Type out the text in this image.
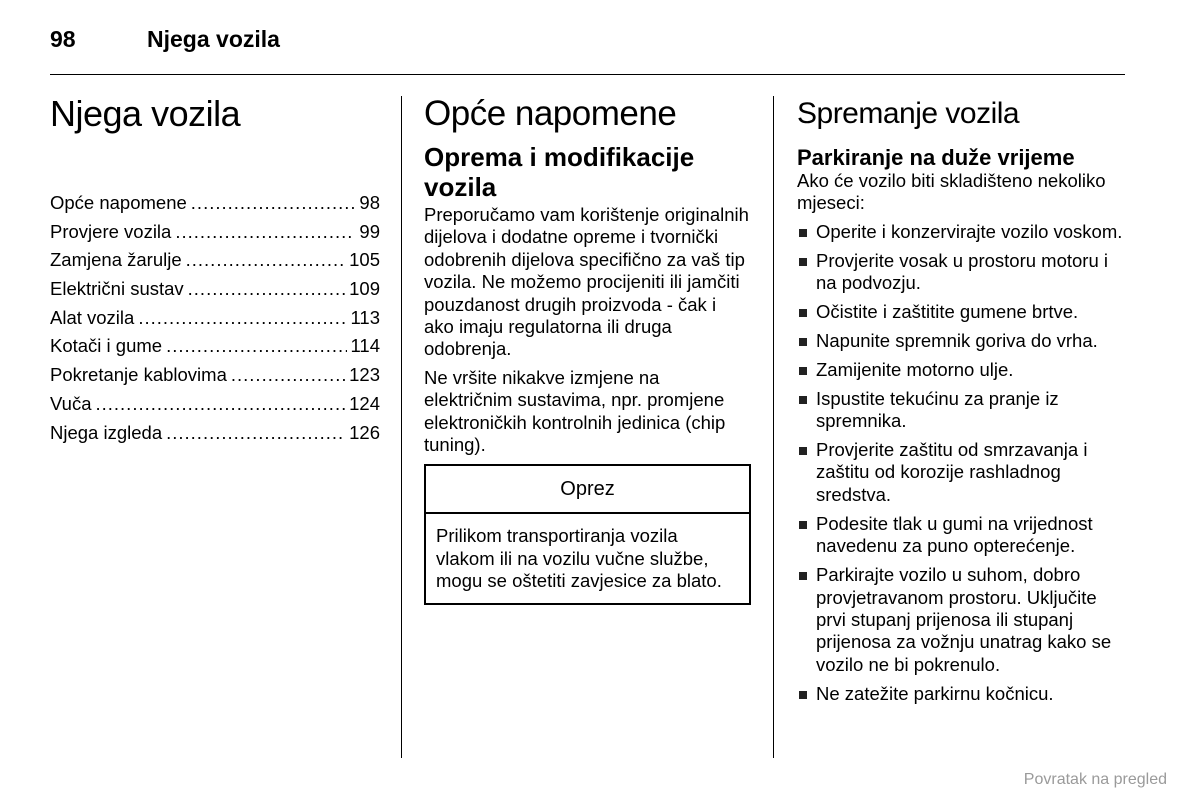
98	Njega vozila
Njega vozila
Opće napomene .....	98
Provjere vozila .....	99
Zamjena žarulje .....	105
Električni sustav .....	109
Alat vozila .....	113
Kotači i gume .....	114
Pokretanje kablovima .....	123
Vuča .....	124
Njega izgleda .....	126
Opće napomene
Oprema i modifikacije vozila

Preporučamo vam korištenje originalnih dijelova i dodatne opreme i tvornički odobrenih dijelova specifično za vaš tip vozila. Ne možemo procijeniti ili jamčiti pouzdanost drugih proizvoda - čak i ako imaju regulatorna ili druga odobrenja.

Ne vršite nikakve izmjene na električnim sustavima, npr. promjene elektroničkih kontrolnih jedinica (chip tuning).

Oprez
Prilikom transportiranja vozila vlakom ili na vozilu vučne službe, mogu se oštetiti zavjesice za blato.
Spremanje vozila
Parkiranje na duže vrijeme

Ako će vozilo biti skladišteno nekoliko mjeseci:

Operite i konzervirajte vozilo voskom.
Provjerite vosak u prostoru motoru i na podvozju.
Očistite i zaštitite gumene brtve.
Napunite spremnik goriva do vrha.
Zamijenite motorno ulje.
Ispustite tekućinu za pranje iz spremnika.
Provjerite zaštitu od smrzavanja i zaštitu od korozije rashladnog sredstva.
Podesite tlak u gumi na vrijednost navedenu za puno opterećenje.
Parkirajte vozilo u suhom, dobro provjetravanom prostoru. Uključite prvi stupanj prijenosa ili stupanj prijenosa za vožnju unatrag kako se vozilo ne bi pokrenulo.
Ne zatežite parkirnu kočnicu.
Povratak na pregled
